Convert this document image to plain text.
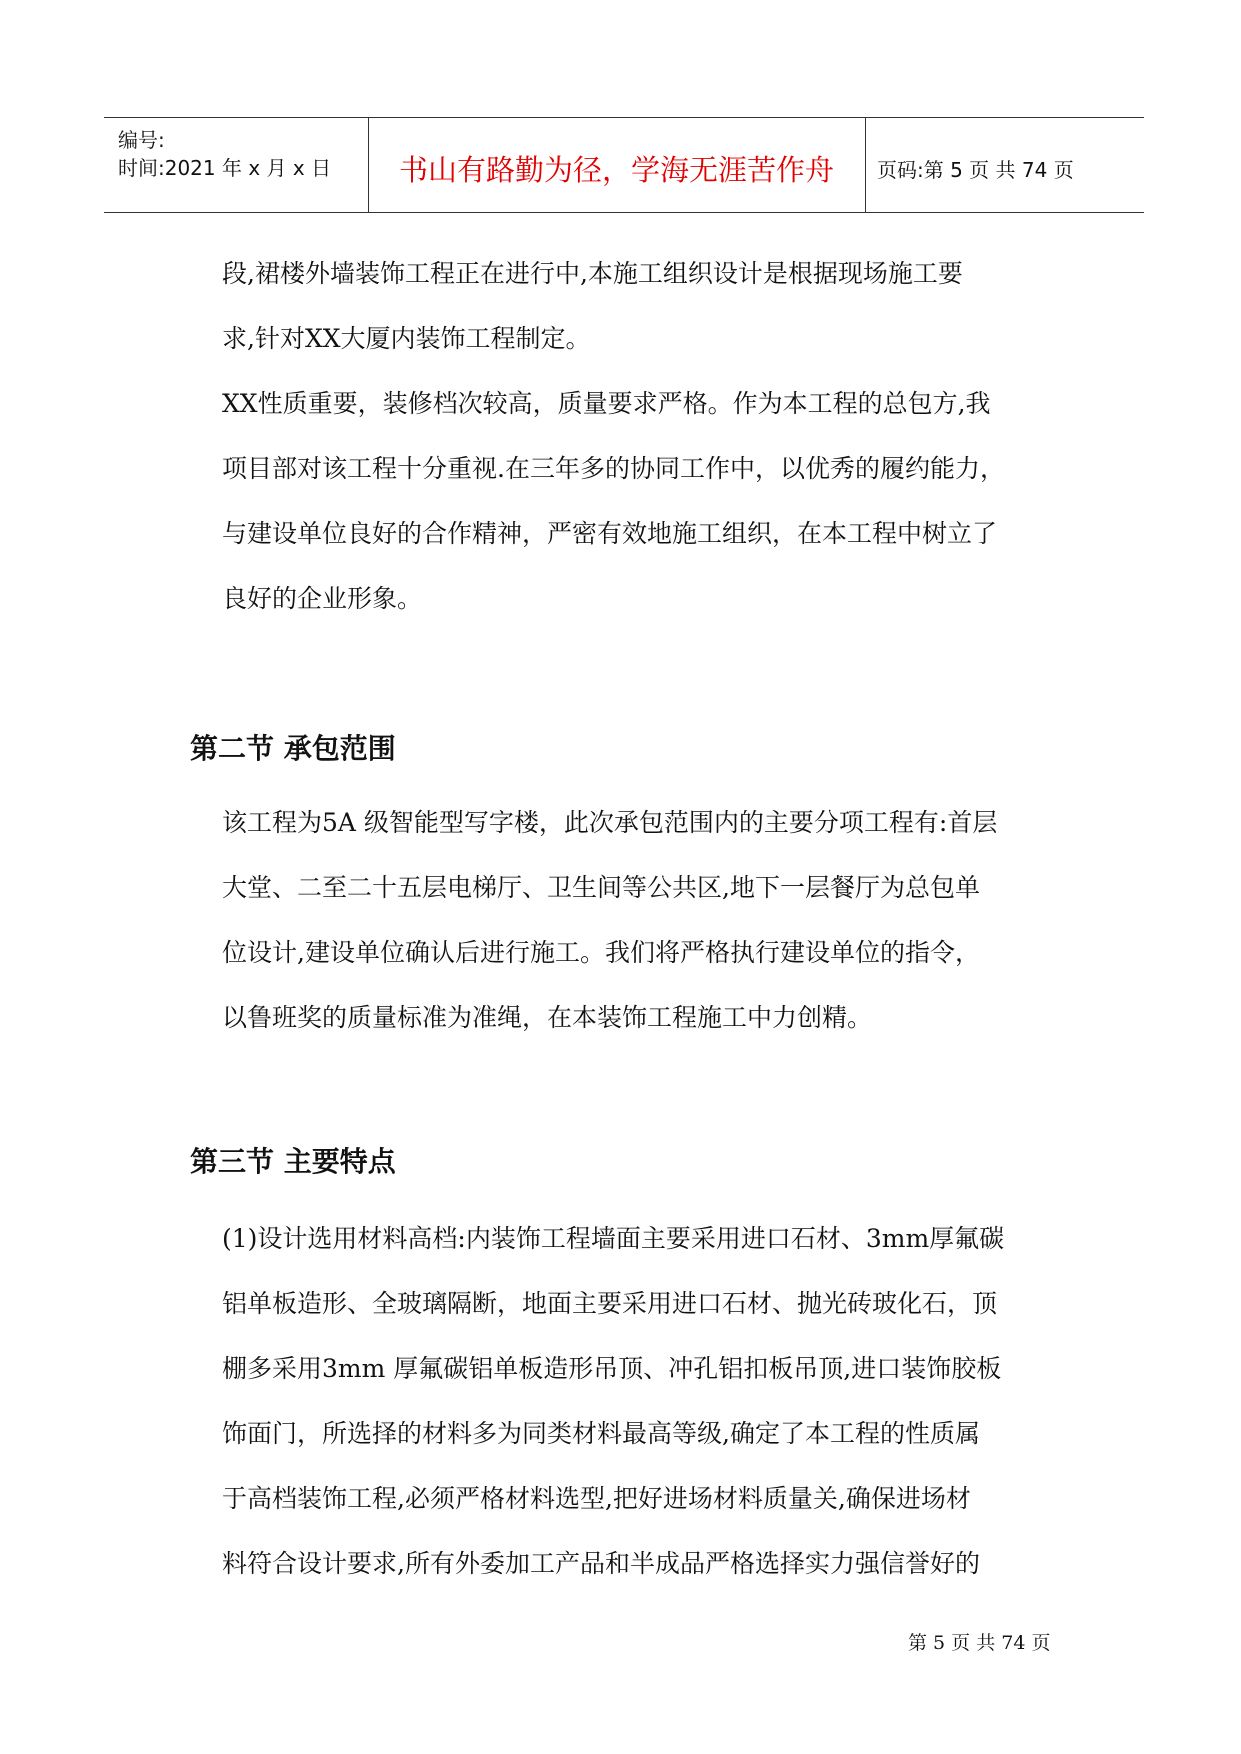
编号:
时间:2021 年 x 月 x 日	书山有路勤为径，学海无涯苦作舟	页码:第 5 页 共 74 页
段,裙楼外墙装饰工程正在进行中,本施工组织设计是根据现场施工要
求,针对XX大厦内装饰工程制定。
XX性质重要，装修档次较高，质量要求严格。作为本工程的总包方,我
项目部对该工程十分重视.在三年多的协同工作中，以优秀的履约能力，
与建设单位良好的合作精神，严密有效地施工组织，在本工程中树立了
良好的企业形象。
第二节 承包范围
该工程为5A 级智能型写字楼，此次承包范围内的主要分项工程有:首层
大堂、二至二十五层电梯厅、卫生间等公共区,地下一层餐厅为总包单
位设计,建设单位确认后进行施工。我们将严格执行建设单位的指令，
以鲁班奖的质量标准为准绳，在本装饰工程施工中力创精。
第三节 主要特点
(1)设计选用材料高档:内装饰工程墙面主要采用进口石材、3mm厚氟碳
铝单板造形、全玻璃隔断，地面主要采用进口石材、抛光砖玻化石，顶
棚多采用3mm 厚氟碳铝单板造形吊顶、冲孔铝扣板吊顶,进口装饰胶板
饰面门，所选择的材料多为同类材料最高等级,确定了本工程的性质属
于高档装饰工程,必须严格材料选型,把好进场材料质量关,确保进场材
料符合设计要求,所有外委加工产品和半成品严格选择实力强信誉好的
第 5 页 共 74 页
